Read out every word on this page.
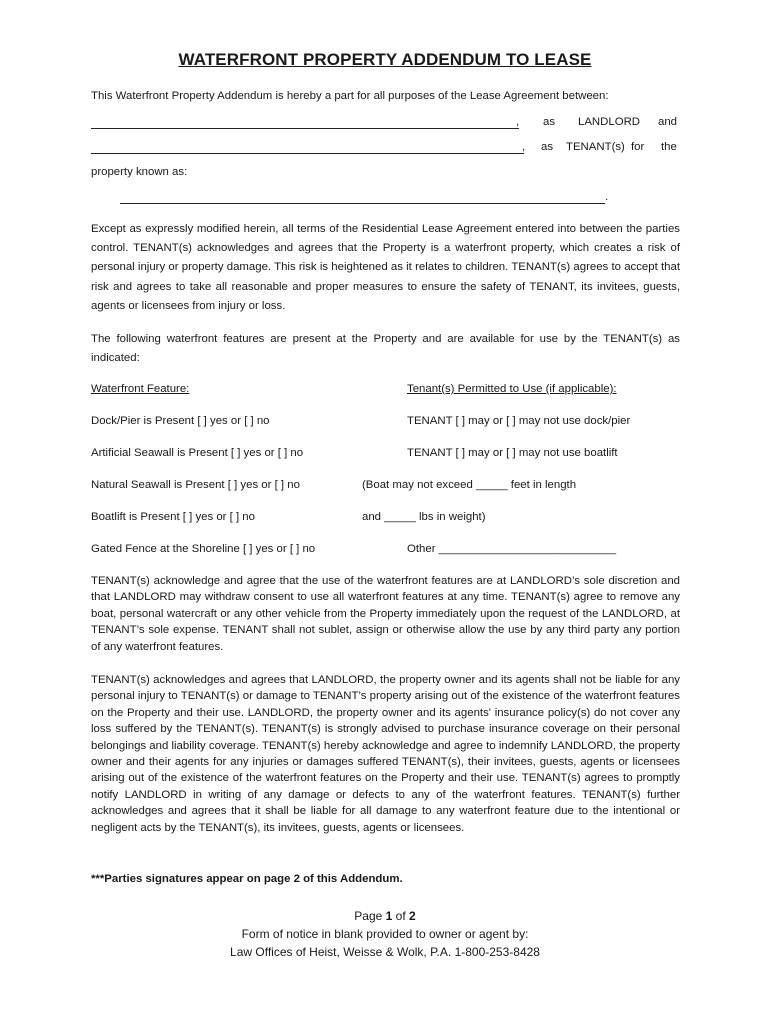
WATERFRONT PROPERTY ADDENDUM TO LEASE
This Waterfront Property Addendum is hereby a part for all purposes of the Lease Agreement between:
, as LANDLORD and
, as TENANT(s) for the
property known as:
.
Except as expressly modified herein, all terms of the Residential Lease Agreement entered into between the parties control. TENANT(s) acknowledges and agrees that the Property is a waterfront property, which creates a risk of personal injury or property damage. This risk is heightened as it relates to children. TENANT(s) agrees to accept that risk and agrees to take all reasonable and proper measures to ensure the safety of TENANT, its invitees, guests, agents or licensees from injury or loss.
The following waterfront features are present at the Property and are available for use by the TENANT(s) as indicated:
Waterfront Feature:	Tenant(s) Permitted to Use (if applicable):
Dock/Pier is Present [ ] yes or [ ] no	TENANT [ ] may or [ ] may not use dock/pier
Artificial Seawall is Present [ ] yes or [ ] no	TENANT [ ] may or [ ] may not use boatlift
Natural Seawall is Present [ ] yes or [ ] no	(Boat may not exceed _____ feet in length
Boatlift is Present [ ] yes or [ ] no	and _____ lbs in weight)
Gated Fence at the Shoreline [ ] yes or [ ] no	Other ____________________________
TENANT(s) acknowledge and agree that the use of the waterfront features are at LANDLORD’s sole discretion and that LANDLORD may withdraw consent to use all waterfront features at any time. TENANT(s) agree to remove any boat, personal watercraft or any other vehicle from the Property immediately upon the request of the LANDLORD, at TENANT’s sole expense. TENANT shall not sublet, assign or otherwise allow the use by any third party any portion of any waterfront features.
TENANT(s) acknowledges and agrees that LANDLORD, the property owner and its agents shall not be liable for any personal injury to TENANT(s) or damage to TENANT’s property arising out of the existence of the waterfront features on the Property and their use. LANDLORD, the property owner and its agents' insurance policy(s) do not cover any loss suffered by the TENANT(s). TENANT(s) is strongly advised to purchase insurance coverage on their personal belongings and liability coverage. TENANT(s) hereby acknowledge and agree to indemnify LANDLORD, the property owner and their agents for any injuries or damages suffered TENANT(s), their invitees, guests, agents or licensees arising out of the existence of the waterfront features on the Property and their use. TENANT(s) agrees to promptly notify LANDLORD in writing of any damage or defects to any of the waterfront features. TENANT(s) further acknowledges and agrees that it shall be liable for all damage to any waterfront feature due to the intentional or negligent acts by the TENANT(s), its invitees, guests, agents or licensees.
***Parties signatures appear on page 2 of this Addendum.
Page 1 of 2
Form of notice in blank provided to owner or agent by:
Law Offices of Heist, Weisse & Wolk, P.A. 1-800-253-8428
